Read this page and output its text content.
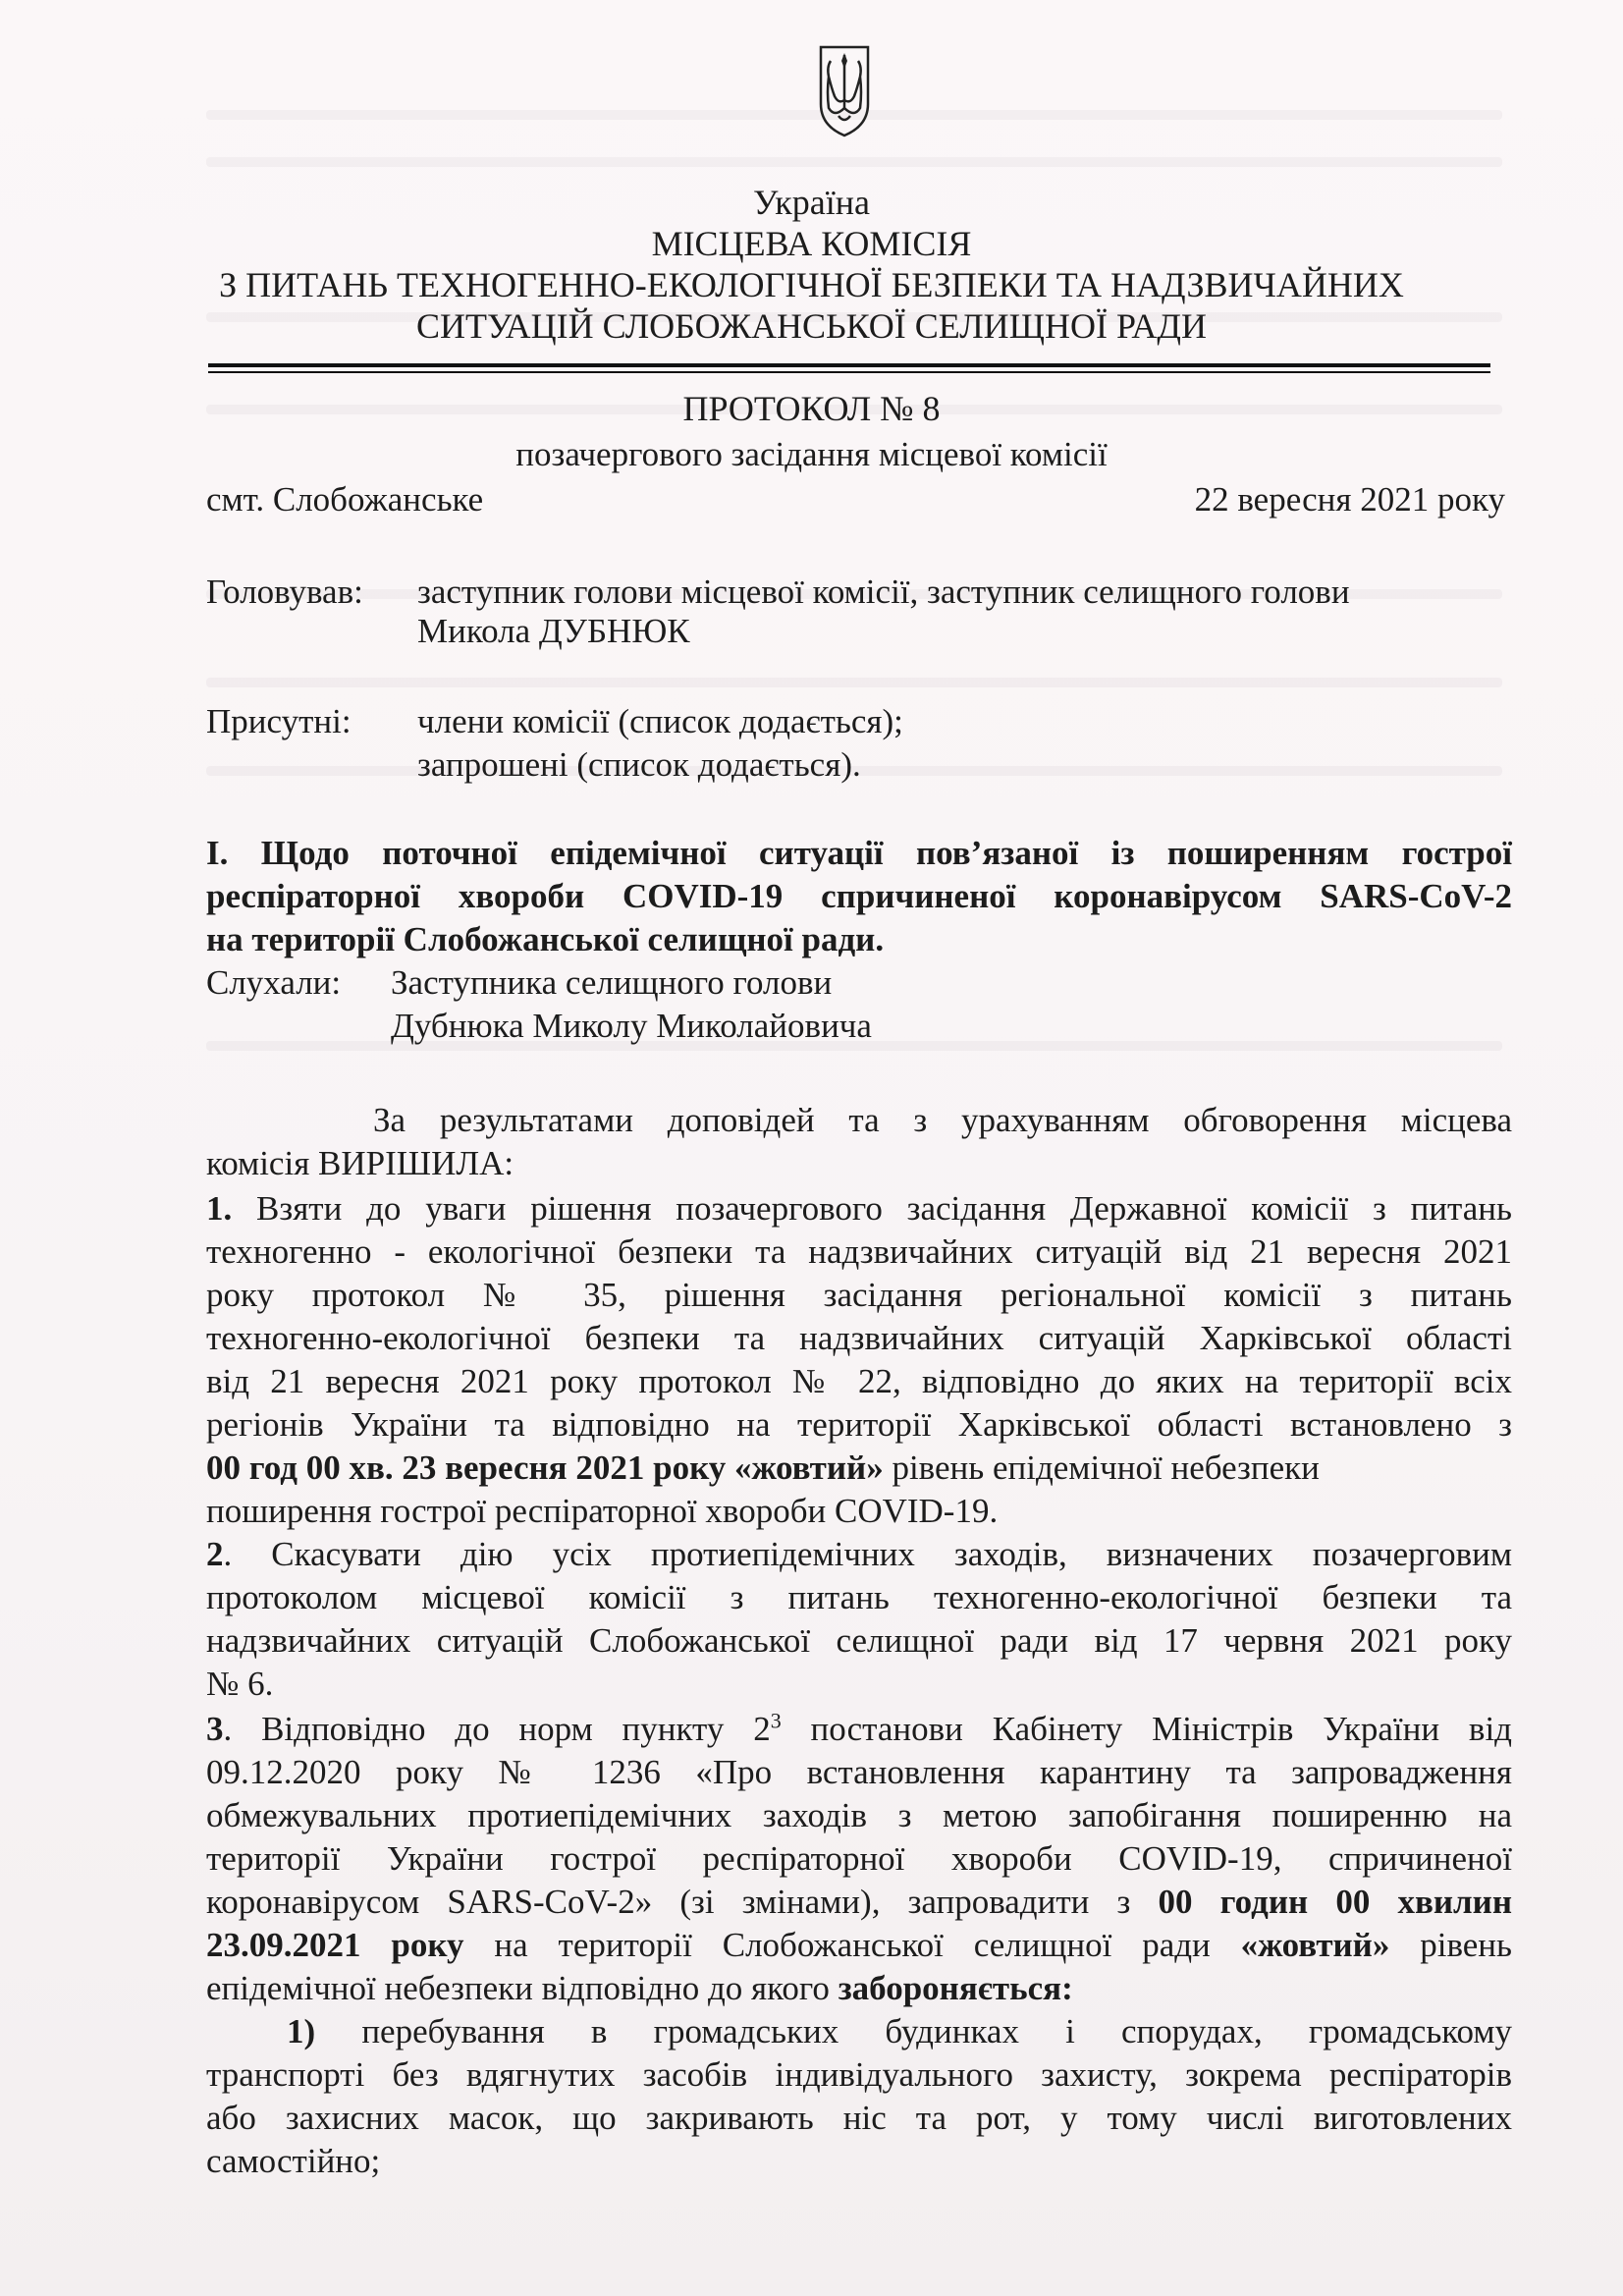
Україна
МІСЦЕВА КОМІСІЯ
З ПИТАНЬ ТЕХНОГЕННО-ЕКОЛОГІЧНОЇ БЕЗПЕКИ ТА НАДЗВИЧАЙНИХ
СИТУАЦІЙ СЛОБОЖАНСЬКОЇ СЕЛИЩНОЇ РАДИ
ПРОТОКОЛ № 8
позачергового засідання місцевої комісії
смт. Слобожанське	22 вересня 2021 року
Головував: заступник голови місцевої комісії, заступник селищного голови
Микола ДУБНЮК
Присутні: члени комісії (список додається);
запрошені (список додається).
І. Щодо поточної епідемічної ситуації пов’язаної із поширенням гострої
респіраторної хвороби COVID-19 спричиненої коронавірусом SARS-CoV-2
на території Слобожанської селищної ради.
Слухали: Заступника селищного голови
Дубнюка Миколу Миколайовича
За результатами доповідей та з урахуванням обговорення місцева
комісія ВИРІШИЛА:
1. Взяти до уваги рішення позачергового засідання Державної комісії з питань
техногенно - екологічної безпеки та надзвичайних ситуацій від 21 вересня 2021
року протокол № 35, рішення засідання регіональної комісії з питань
техногенно-екологічної безпеки та надзвичайних ситуацій Харківської області
від 21 вересня 2021 року протокол № 22, відповідно до яких на території всіх
регіонів України та відповідно на території Харківської області встановлено з
00 год 00 хв. 23 вересня 2021 року «жовтий» рівень епідемічної небезпеки
поширення гострої респіраторної хвороби COVID-19.
2. Скасувати дію усіх протиепідемічних заходів, визначених позачерговим
протоколом місцевої комісії з питань техногенно-екологічної безпеки та
надзвичайних ситуацій Слобожанської селищної ради від 17 червня 2021 року
№ 6.
3. Відповідно до норм пункту $2^3$ постанови Кабінету Міністрів України від
09.12.2020 року № 1236 «Про встановлення карантину та запровадження
обмежувальних протиепідемічних заходів з метою запобігання поширенню на
території України гострої респіраторної хвороби COVID-19, спричиненої
коронавірусом SARS-CoV-2» (зі змінами), запровадити з 00 годин 00 хвилин
23.09.2021 року на території Слобожанської селищної ради «жовтий» рівень
епідемічної небезпеки відповідно до якого забороняється:
1) перебування в громадських будинках і спорудах, громадському
транспорті без вдягнутих засобів індивідуального захисту, зокрема респіраторів
або захисних масок, що закривають ніс та рот, у тому числі виготовлених
самостійно;
